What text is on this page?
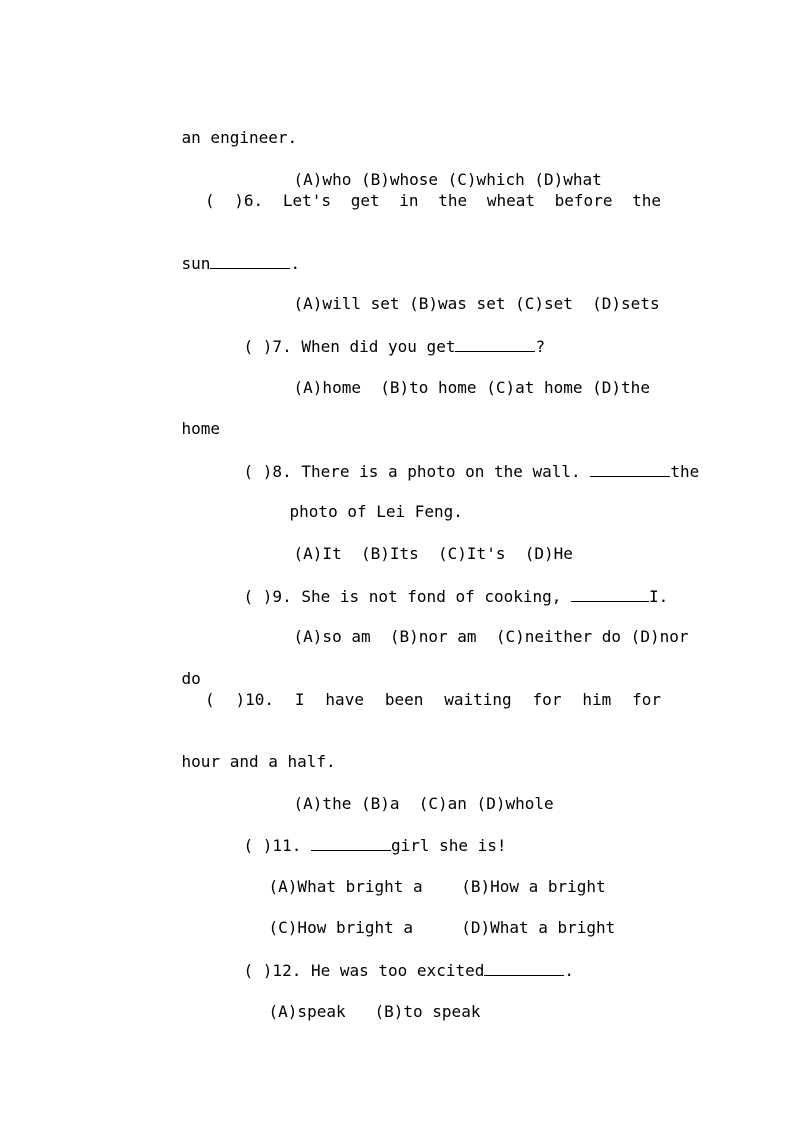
an engineer.

(A)who (B)whose (C)which (D)what

( )6. Let's get in the wheat before the

sun	.

(A)will set (B)was set (C)set  (D)sets

( )7. When did you get	?

(A)home  (B)to home (C)at home (D)the

home

( )8. There is a photo on the wall.	the

photo of Lei Feng.

(A)It  (B)Its  (C)It's  (D)He

( )9. She is not fond of cooking,	I.

(A)so am  (B)nor am  (C)neither do (D)nor

do

( )10. I have been waiting for him for

hour and a half.

(A)the (B)a  (C)an (D)whole

( )11.	girl she is!

(A)What bright a    (B)How a bright

(C)How bright a     (D)What a bright

( )12. He was too excited	.

(A)speak   (B)to speak
